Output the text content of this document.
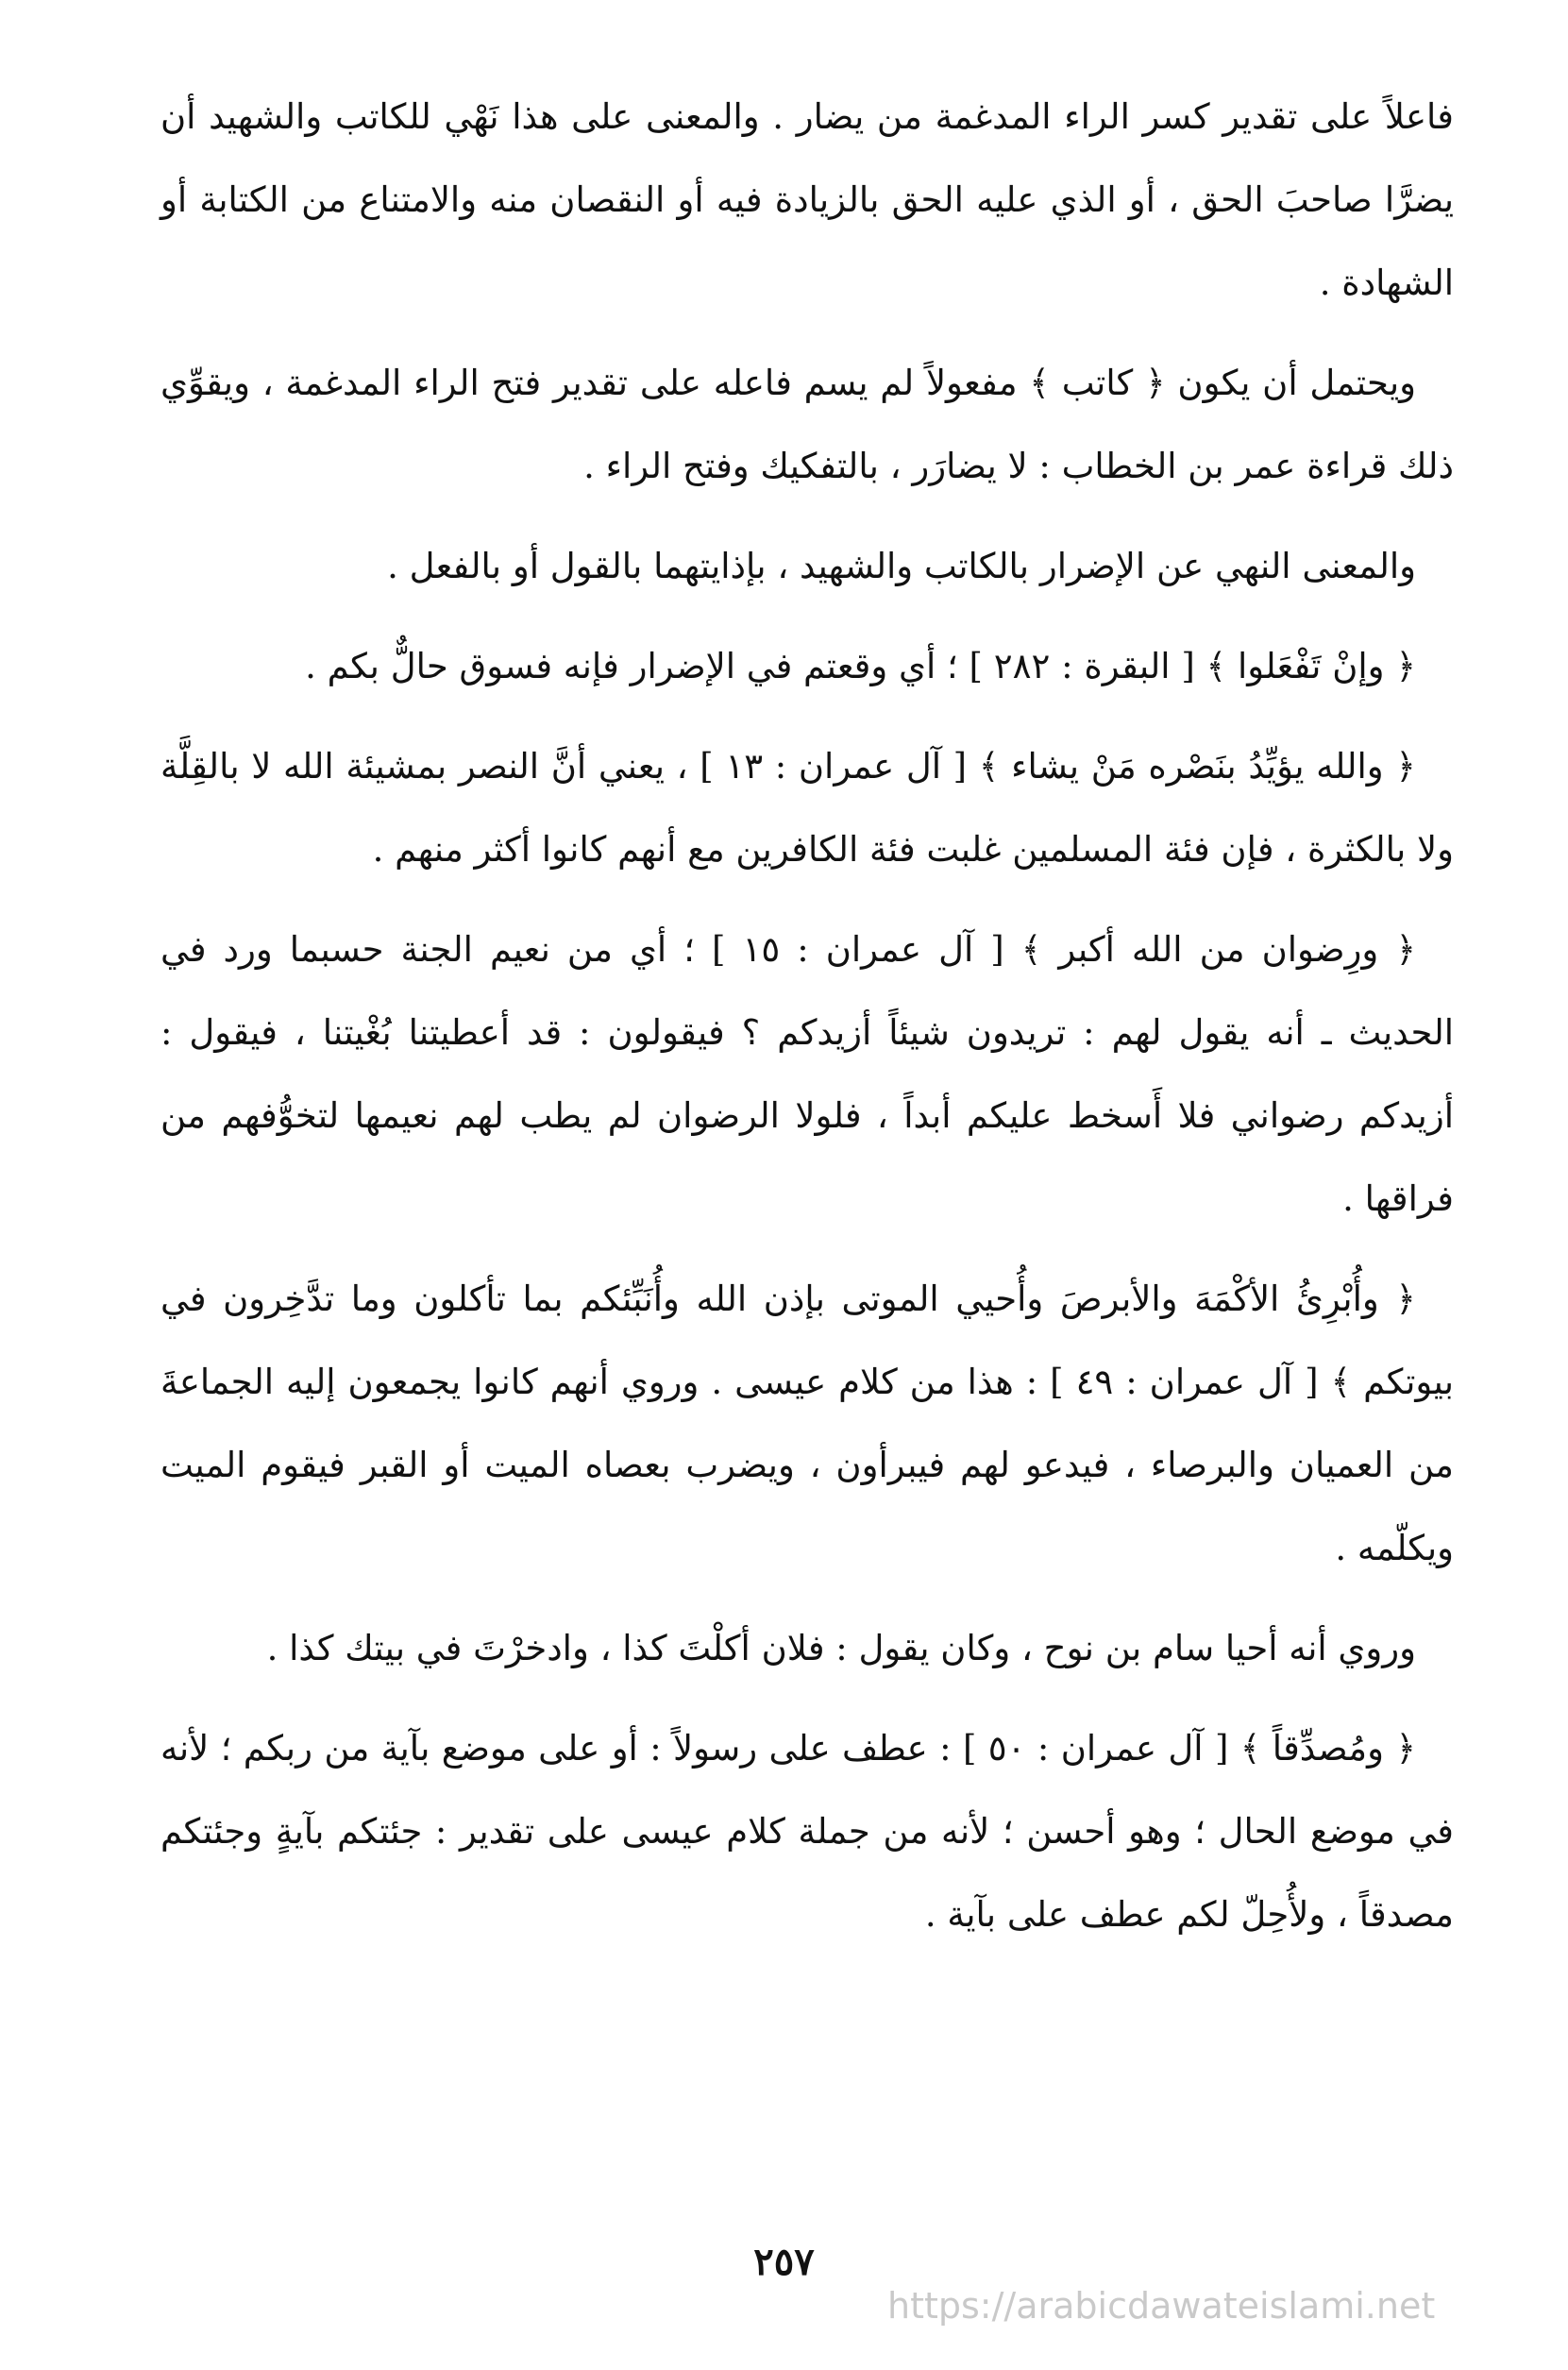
فاعلاً على تقدير كسر الراء المدغمة من يضار . والمعنى على هذا نَهْي للكاتب والشهيد أن يضرَّا صاحبَ الحق ، أو الذي عليه الحق بالزيادة فيه أو النقصان منه والامتناع من الكتابة أو الشهادة .

ويحتمل أن يكون ﴿ كاتب ﴾ مفعولاً لم يسم فاعله على تقدير فتح الراء المدغمة ، ويقوِّي ذلك قراءة عمر بن الخطاب : لا يضارَر ، بالتفكيك وفتح الراء .

والمعنى النهي عن الإضرار بالكاتب والشهيد ، بإذايتهما بالقول أو بالفعل .

﴿ وإنْ تَفْعَلوا ﴾ [ البقرة : ٢٨٢ ] ؛ أي وقعتم في الإضرار فإنه فسوق حالٌّ بكم .

﴿ والله يؤيِّدُ بنَصْره مَنْ يشاء ﴾ [ آل عمران : ١٣ ] ، يعني أنَّ النصر بمشيئة الله لا بالقِلَّة ولا بالكثرة ، فإن فئة المسلمين غلبت فئة الكافرين مع أنهم كانوا أكثر منهم .

﴿ ورِضوان من الله أكبر ﴾ [ آل عمران : ١٥ ] ؛ أي من نعيم الجنة حسبما ورد في الحديث ـ أنه يقول لهم : تريدون شيئاً أزيدكم ؟ فيقولون : قد أعطيتنا بُغْيتنا ، فيقول : أزيدكم رضواني فلا أَسخط عليكم أبداً ، فلولا الرضوان لم يطب لهم نعيمها لتخوُّفهم من فراقها .

﴿ وأُبْرِئُ الأكْمَهَ والأبرصَ وأُحيي الموتى بإذن الله وأُنَبِّئكم بما تأكلون وما تدَّخِرون في بيوتكم ﴾ [ آل عمران : ٤٩ ] : هذا من كلام عيسى . وروي أنهم كانوا يجمعون إليه الجماعةَ من العميان والبرصاء ، فيدعو لهم فيبرأون ، ويضرب بعصاه الميت أو القبر فيقوم الميت ويكلّمه .

وروي أنه أحيا سام بن نوح ، وكان يقول : فلان أكلْتَ كذا ، وادخرْتَ في بيتك كذا .

﴿ ومُصدِّقاً ﴾ [ آل عمران : ٥٠ ] : عطف على رسولاً : أو على موضع بآية من ربكم ؛ لأنه في موضع الحال ؛ وهو أحسن ؛ لأنه من جملة كلام عيسى على تقدير : جئتكم بآيةٍ وجئتكم مصدقاً ، ولأُحِلّ لكم عطف على بآية .

٢٥٧
https://arabicdawateislami.net
